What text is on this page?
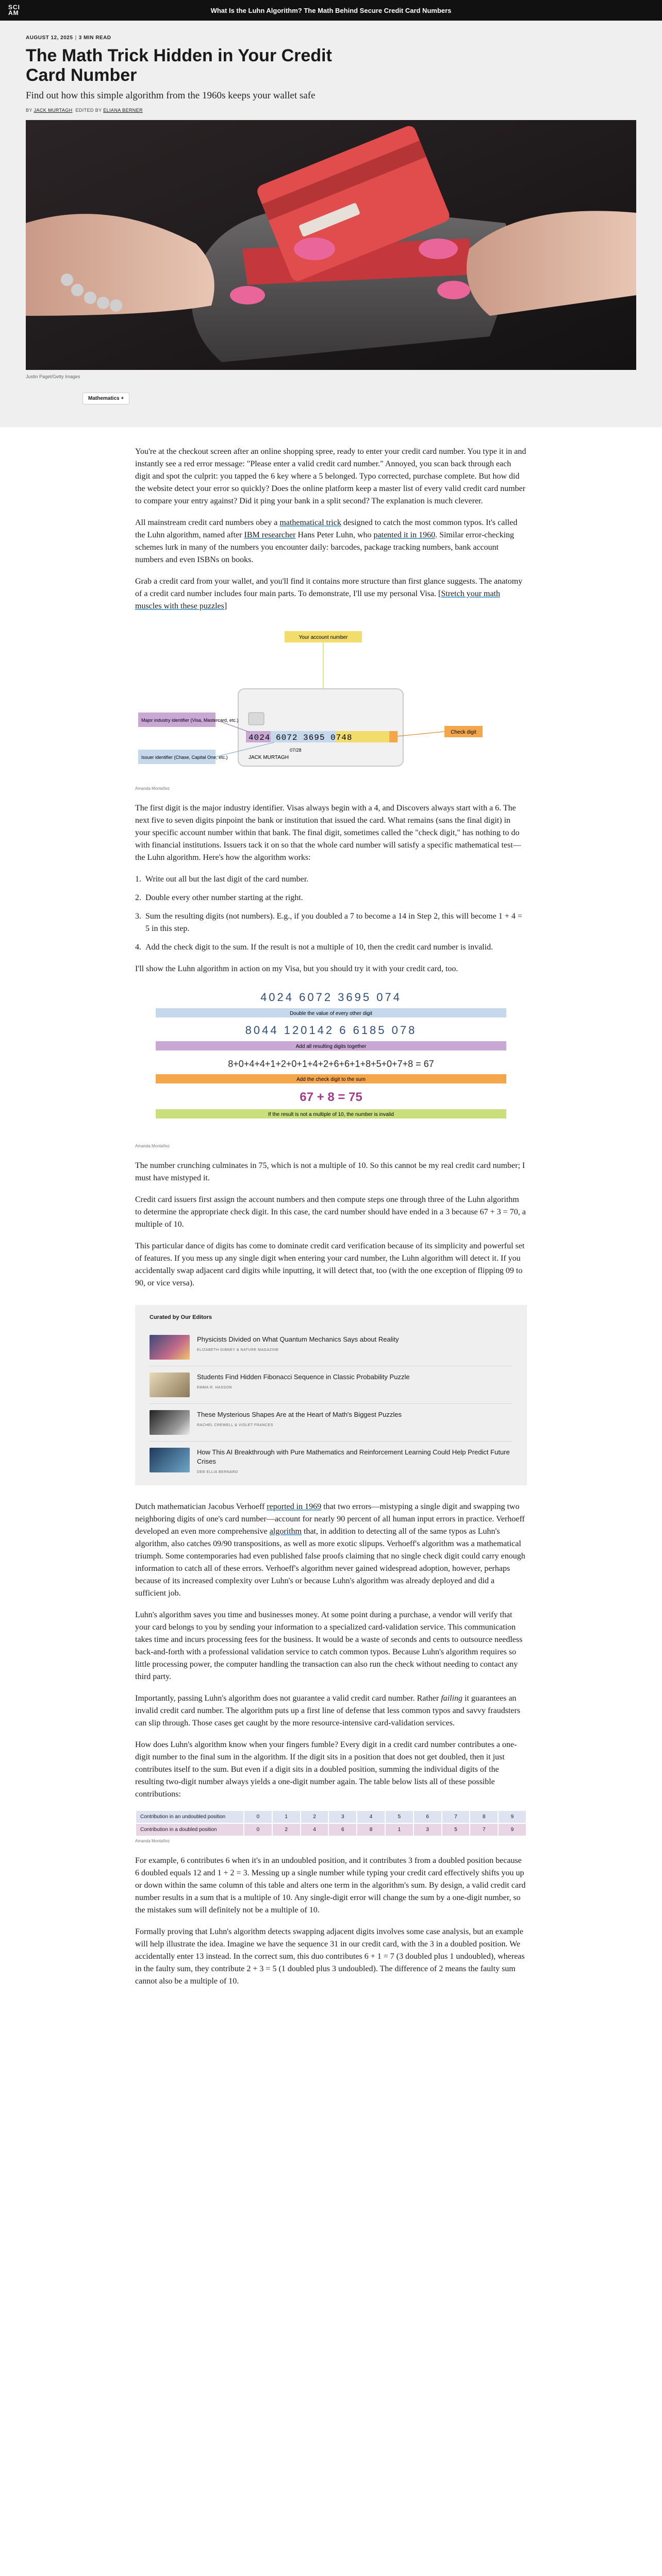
SCI
AM	What Is the Luhn Algorithm? The Math Behind Secure Credit Card Numbers
AUGUST 12, 2025 | 3 MIN READ
The Math Trick Hidden in Your Credit Card Number

Find out how this simple algorithm from the 1960s keeps your wallet safe

BY JACK MURTAGH EDITED BY ELIANA BERNER
Justin Paget/Getty Images
Mathematics +

You're at the checkout screen after an online shopping spree, ready to enter your credit card number. You type it in and instantly see a red error message: "Please enter a valid credit card number." Annoyed, you scan back through each digit and spot the culprit: you tapped the 6 key where a 5 belonged. Typo corrected, purchase complete. But how did the website detect your error so quickly? Does the online platform keep a master list of every valid credit card number to compare your entry against? Did it ping your bank in a split second? The explanation is much cleverer.

All mainstream credit card numbers obey a mathematical trick designed to catch the most common typos. It's called the Luhn algorithm, named after IBM researcher Hans Peter Luhn, who patented it in 1960. Similar error-checking schemes lurk in many of the numbers you encounter daily: barcodes, package tracking numbers, bank account numbers and even ISBNs on books.

Grab a credit card from your wallet, and you'll find it contains more structure than first glance suggests. The anatomy of a credit card number includes four main parts. To demonstrate, I'll use my personal Visa. [Stretch your math muscles with these puzzles]

Your account number
4024 6072 3695 0748
07/28
JACK MURTAGH
Major industry identifier (Visa, Mastercard, etc.)
Issuer identifier (Chase, Capital One, etc.)
Check digit
Amanda Montañez

The first digit is the major industry identifier. Visas always begin with a 4, and Discovers always start with a 6. The next five to seven digits pinpoint the bank or institution that issued the card. What remains (sans the final digit) in your specific account number within that bank. The final digit, sometimes called the "check digit," has nothing to do with financial institutions. Issuers tack it on so that the whole card number will satisfy a specific mathematical test—the Luhn algorithm. Here's how the algorithm works:

1. Write out all but the last digit of the card number.
2. Double every other number starting at the right.
3. Sum the resulting digits (not numbers). E.g., if you doubled a 7 to become a 14 in Step 2, this will become 1 + 4 = 5 in this step.
4. Add the check digit to the sum. If the result is not a multiple of 10, then the credit card number is invalid.

I'll show the Luhn algorithm in action on my Visa, but you should try it with your credit card, too.

4024 6072 3695 074
Double the value of every other digit
8044 120142 6 6185 078
Add all resulting digits together
8+0+4+4+1+2+0+1+4+2+6+6+1+8+5+0+7+8 = 67
Add the check digit to the sum
67 + 8 = 75
If the result is not a multiple of 10, the number is invalid
Amanda Montañez

The number crunching culminates in 75, which is not a multiple of 10. So this cannot be my real credit card number; I must have mistyped it.

Credit card issuers first assign the account numbers and then compute steps one through three of the Luhn algorithm to determine the appropriate check digit. In this case, the card number should have ended in a 3 because 67 + 3 = 70, a multiple of 10.

This particular dance of digits has come to dominate credit card verification because of its simplicity and powerful set of features. If you mess up any single digit when entering your card number, the Luhn algorithm will detect it. If you accidentally swap adjacent card digits while inputting, it will detect that, too (with the one exception of flipping 09 to 90, or vice versa).

Curated by Our Editors
Physicists Divided on What Quantum Mechanics Says about Reality
ELIZABETH GIBNEY & NATURE MAGAZINE
Students Find Hidden Fibonacci Sequence in Classic Probability Puzzle
EMMA R. HASSON
These Mysterious Shapes Are at the Heart of Math's Biggest Puzzles
RACHEL CREWELL & VIOLET FRANCES
How This AI Breakthrough with Pure Mathematics and Reinforcement Learning Could Help Predict Future Crises
DEB ELLIA BERNARD

Dutch mathematician Jacobus Verhoeff reported in 1969 that two errors—mistyping a single digit and swapping two neighboring digits of one's card number—account for nearly 90 percent of all human input errors in practice. Verhoeff developed an even more comprehensive algorithm that, in addition to detecting all of the same typos as Luhn's algorithm, also catches 09/90 transpositions, as well as more exotic slipups. Verhoeff's algorithm was a mathematical triumph. Some contemporaries had even published false proofs claiming that no single check digit could carry enough information to catch all of these errors. Verhoeff's algorithm never gained widespread adoption, however, perhaps because of its increased complexity over Luhn's or because Luhn's algorithm was already deployed and did a sufficient job.

Luhn's algorithm saves you time and businesses money. At some point during a purchase, a vendor will verify that your card belongs to you by sending your information to a specialized card-validation service. This communication takes time and incurs processing fees for the business. It would be a waste of seconds and cents to outsource needless back-and-forth with a professional validation service to catch common typos. Because Luhn's algorithm requires so little processing power, the computer handling the transaction can also run the check without needing to contact any third party.

Importantly, passing Luhn's algorithm does not guarantee a valid credit card number. Rather failing it guarantees an invalid credit card number. The algorithm puts up a first line of defense that less common typos and savvy fraudsters can slip through. Those cases get caught by the more resource-intensive card-validation services.

How does Luhn's algorithm know when your fingers fumble? Every digit in a credit card number contributes a one-digit number to the final sum in the algorithm. If the digit sits in a position that does not get doubled, then it just contributes itself to the sum. But even if a digit sits in a doubled position, summing the individual digits of the resulting two-digit number always yields a one-digit number again. The table below lists all of these possible contributions:

Contribution in an undoubled position	0	1	2	3	4	5	6	7	8	9
Contribution in a doubled position	0	2	4	6	8	1	3	5	7	9
Amanda Montañez

For example, 6 contributes 6 when it's in an undoubled position, and it contributes 3 from a doubled position because 6 doubled equals 12 and 1 + 2 = 3. Messing up a single number while typing your credit card effectively shifts you up or down within the same column of this table and alters one term in the algorithm's sum. By design, a valid credit card number results in a sum that is a multiple of 10. Any single-digit error will change the sum by a one-digit number, so the mistakes sum will definitely not be a multiple of 10.

Formally proving that Luhn's algorithm detects swapping adjacent digits involves some case analysis, but an example will help illustrate the idea. Imagine we have the sequence 31 in our credit card, with the 3 in a doubled position. We accidentally enter 13 instead. In the correct sum, this duo contributes 6 + 1 = 7 (3 doubled plus 1 undoubled), whereas in the faulty sum, they contribute 2 + 3 = 5 (1 doubled plus 3 undoubled). The difference of 2 means the faulty sum cannot also be a multiple of 10.
